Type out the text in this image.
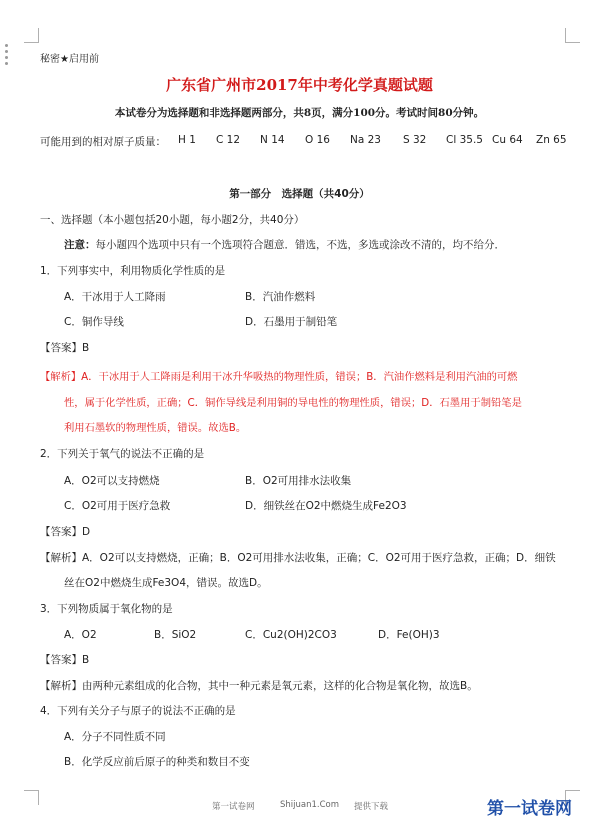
秘密★启用前
广东省广州市2017年中考化学真题试题
本试卷分为选择题和非选择题两部分，共8页，满分100分。考试时间80分钟。
可能用到的相对原子质量： H 1 C 12 N 14 O 16 Na 23 S 32 Cl 35.5 Cu 64 Zn 65
第一部分　选择题（共40分）
一、选择题（本小题包括20小题，每小题2分，共40分）
注意：每小题四个选项中只有一个选项符合题意．错选，不选，多选或涂改不清的，均不给分．
1．下列事实中，利用物质化学性质的是
A．干冰用于人工降雨	B．汽油作燃料
C．铜作导线	D．石墨用于制铅笔
【答案】B
【解析】A．干冰用于人工降雨是利用干冰升华吸热的物理性质，错误；B．汽油作燃料是利用汽油的可燃
性，属于化学性质，正确；C．铜作导线是利用铜的导电性的物理性质，错误；D．石墨用于制铅笔是
利用石墨软的物理性质，错误。故选B。
2．下列关于氧气的说法不正确的是
A．O2可以支持燃烧	B．O2可用排水法收集
C．O2可用于医疗急救	D．细铁丝在O2中燃烧生成Fe2O3
【答案】D
【解析】A．O2可以支持燃烧，正确；B．O2可用排水法收集，正确；C．O2可用于医疗急救，正确；D．细铁
丝在O2中燃烧生成Fe3O4，错误。故选D。
3．下列物质属于氧化物的是
A．O2	B．SiO2	C．Cu2(OH)2CO3	D．Fe(OH)3
【答案】B
【解析】由两种元素组成的化合物，其中一种元素是氧元素，这样的化合物是氧化物，故选B。
4．下列有关分子与原子的说法不正确的是
A．分子不同性质不同
B．化学反应前后原子的种类和数目不变
第一试卷网	Shijuan1.Com 提供下载	第一试卷网
